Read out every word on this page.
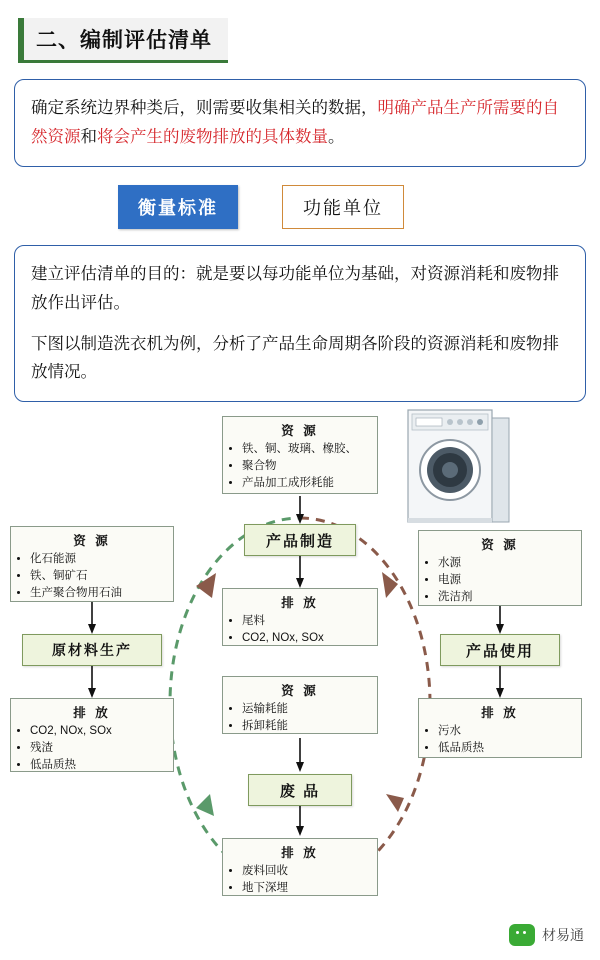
二、编制评估清单

确定系统边界种类后，则需要收集相关的数据，明确产品生产所需要的自然资源和将会产生的废物排放的具体数量。

衡量标准	功能单位

建立评估清单的目的：就是要以每功能单位为基础，对资源消耗和废物排放作出评估。

下图以制造洗衣机为例，分析了产品生命周期各阶段的资源消耗和废物排放情况。

资 源
• 铁、铜、玻璃、橡胶、
• 聚合物
• 产品加工成形耗能
产品制造
排 放
• 尾料
• CO2, NOx, SOx
资 源
• 运输耗能
• 拆卸耗能
废 品
排 放
• 废料回收
• 地下深埋
资 源
• 化石能源
• 铁、铜矿石
• 生产聚合物用石油
原材料生产
排 放
• CO2, NOx, SOx
• 残渣
• 低品质热
资 源
• 水源
• 电源
• 洗洁剂
产品使用
排 放
• 污水
• 低品质热
材易通
